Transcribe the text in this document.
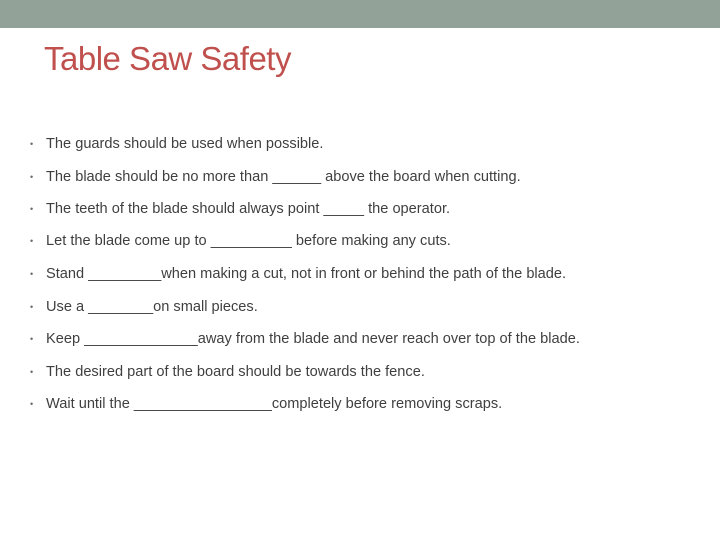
Table Saw Safety
• The guards should be used when possible.
• The blade should be no more than ______ above the board when cutting.
• The teeth of the blade should always point _____ the operator.
• Let the blade come up to __________ before making any cuts.
• Stand _________when making a cut, not in front or behind the path of the blade.
• Use a ________on small pieces.
• Keep ______________away from the blade and never reach over top of the blade.
• The desired part of the board should be towards the fence.
• Wait until the _________________completely before removing scraps.
